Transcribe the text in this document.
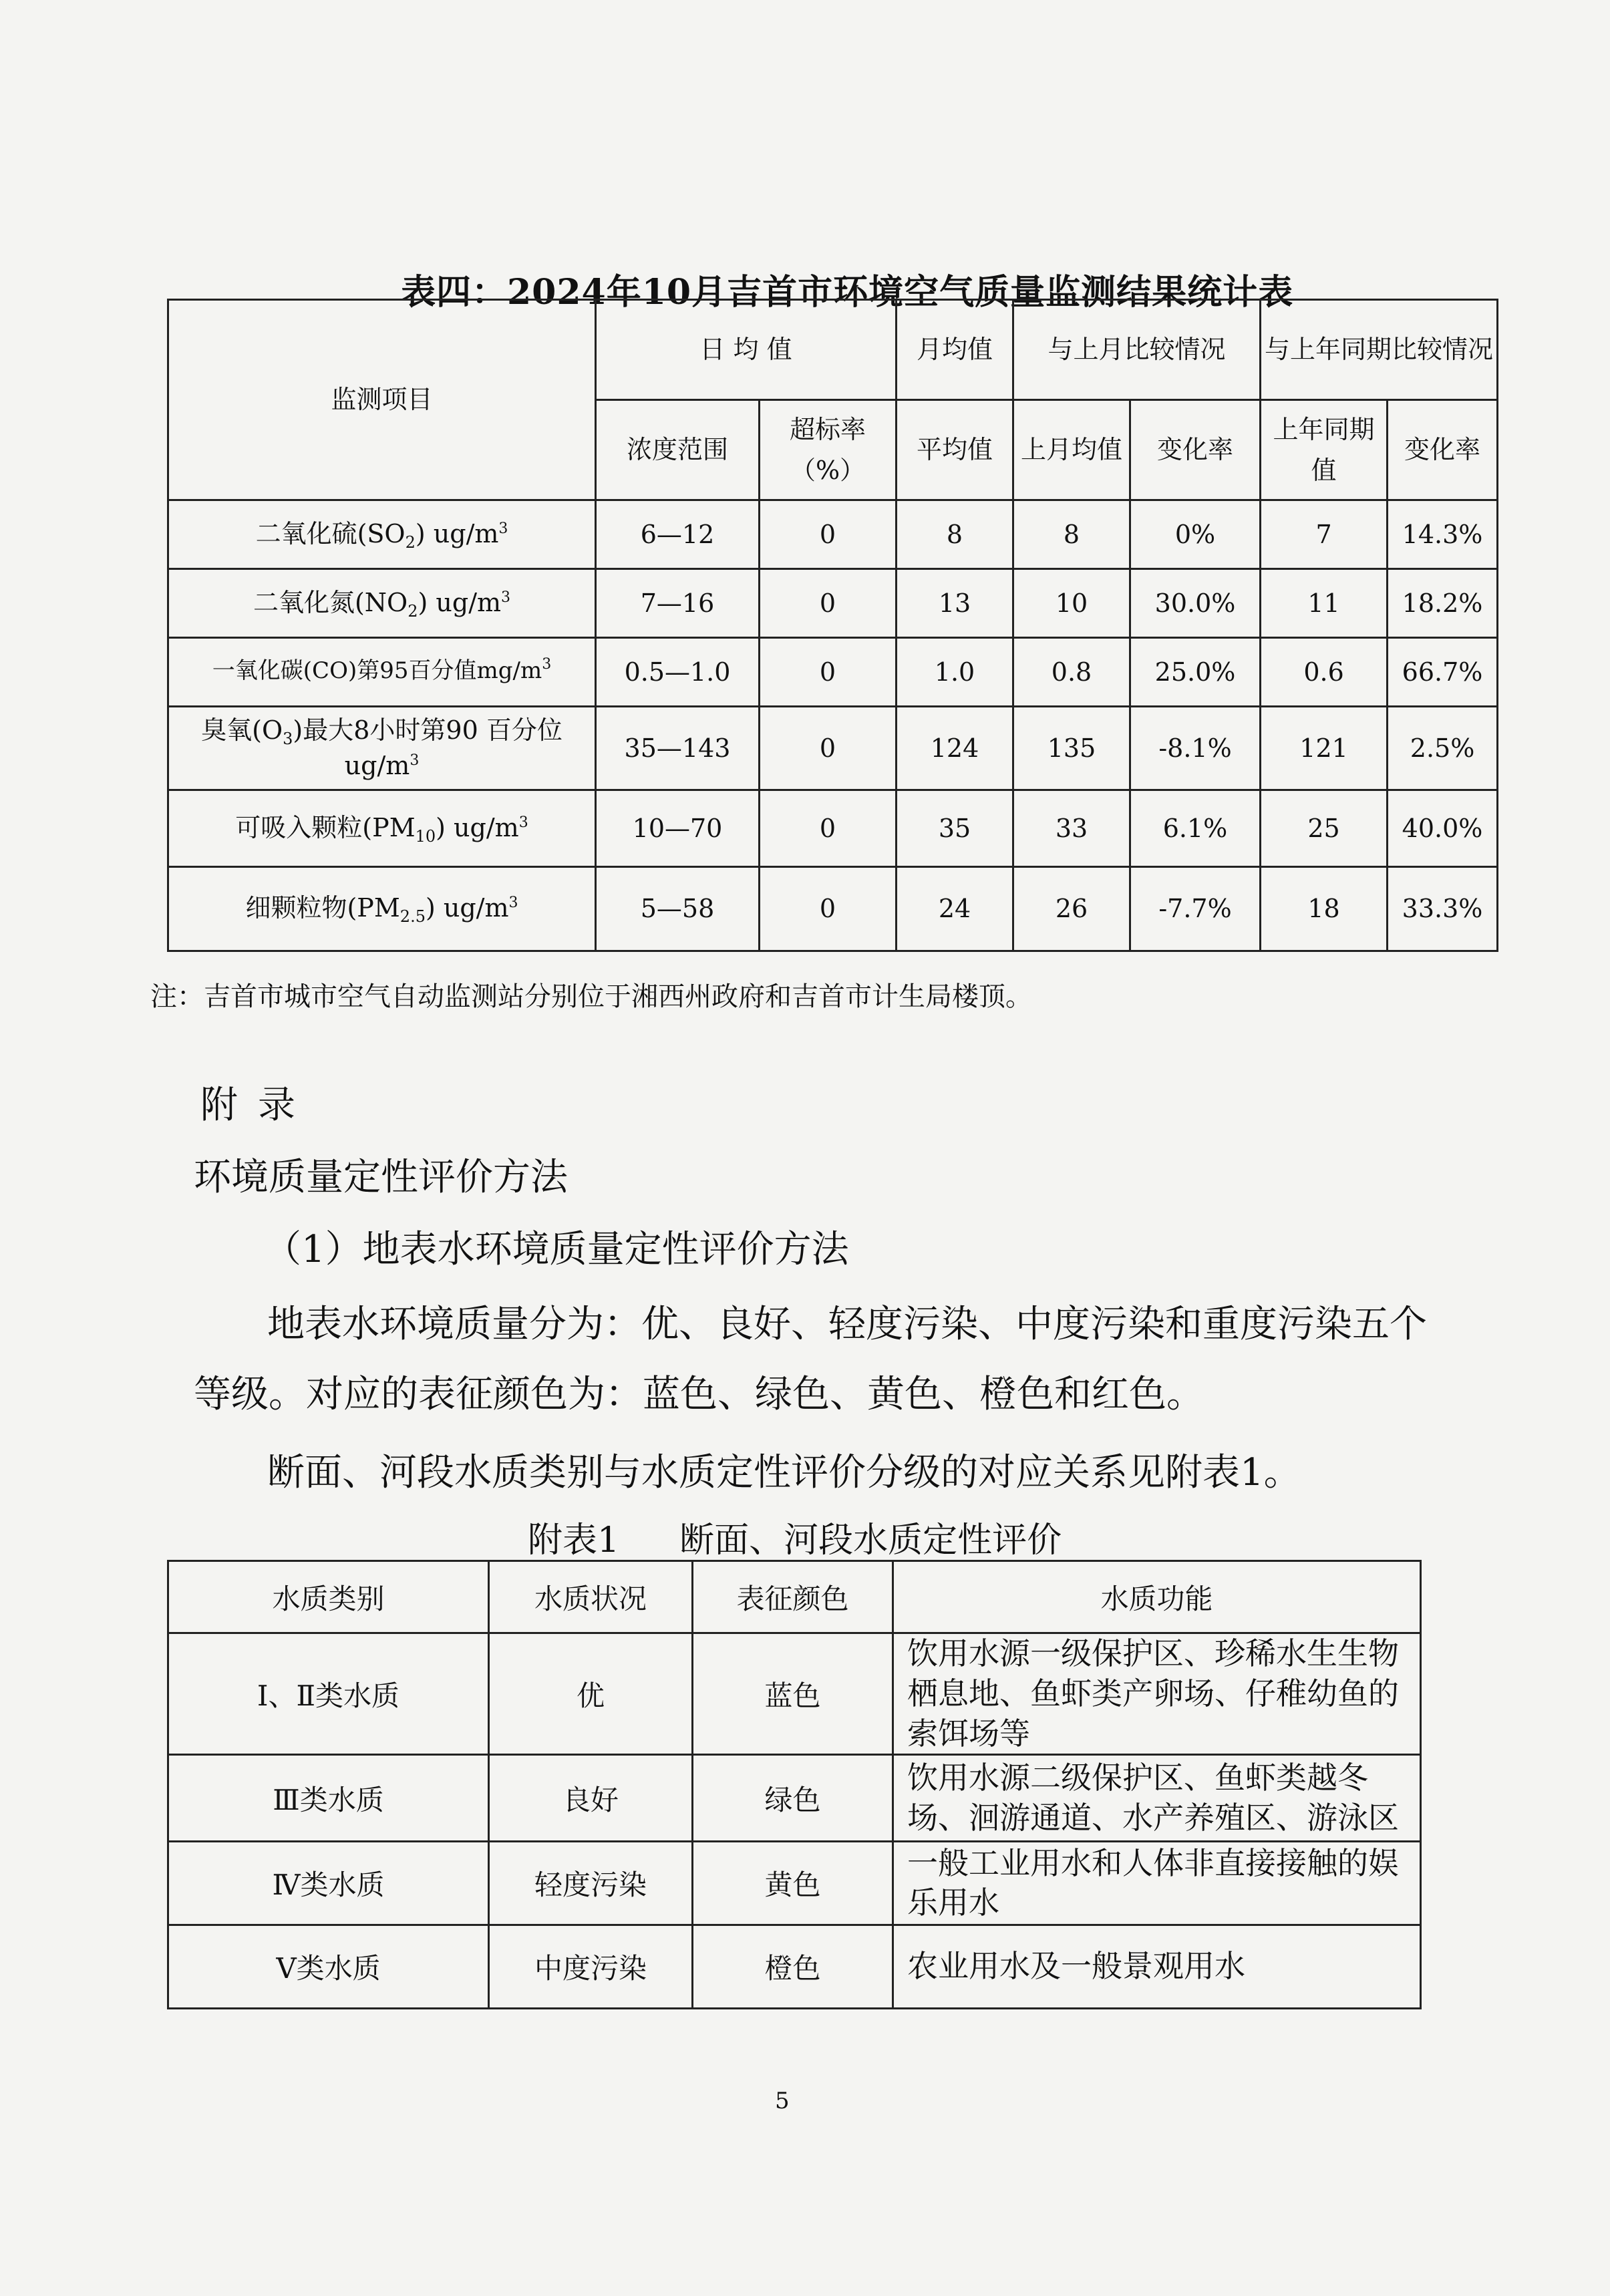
表四：2024年10月吉首市环境空气质量监测结果统计表
监测项目	日 均 值		月均值	与上月比较情况		与上年同期比较情况	
	浓度范围	超标率（%）	平均值	上月均值	变化率	上年同期值	变化率
二氧化硫$(SO_2)$ $ug/m^3$	6—12	0	8	8	0%	7	14.3%
二氧化氮$(NO_2)$ $ug/m^3$	7—16	0	13	10	30.0%	11	18.2%
一氧化碳(CO)第95百分值$mg/m^3$	0.5—1.0	0	1.0	0.8	25.0%	0.6	66.7%
臭氧$(O_3)$最大8小时第90 百分位 $ug/m^3$	35—143	0	124	135	-8.1%	121	2.5%
可吸入颗粒$(PM_{10})$ $ug/m^3$	10—70	0	35	33	6.1%	25	40.0%
细颗粒物$(PM_{2.5})$ $ug/m^3$	5—58	0	24	26	-7.7%	18	33.3%
注：吉首市城市空气自动监测站分别位于湘西州政府和吉首市计生局楼顶。
附录
环境质量定性评价方法
（1）地表水环境质量定性评价方法
地表水环境质量分为：优、良好、轻度污染、中度污染和重度污染五个等级。对应的表征颜色为：蓝色、绿色、黄色、橙色和红色。
断面、河段水质类别与水质定性评价分级的对应关系见附表1。
附表1 断面、河段水质定性评价
水质类别	水质状况	表征颜色	水质功能
Ⅰ、Ⅱ类水质	优	蓝色	饮用水源一级保护区、珍稀水生生物栖息地、鱼虾类产卵场、仔稚幼鱼的索饵场等
Ⅲ类水质	良好	绿色	饮用水源二级保护区、鱼虾类越冬场、洄游通道、水产养殖区、游泳区
Ⅳ类水质	轻度污染	黄色	一般工业用水和人体非直接接触的娱乐用水
Ⅴ类水质	中度污染	橙色	农业用水及一般景观用水
5
